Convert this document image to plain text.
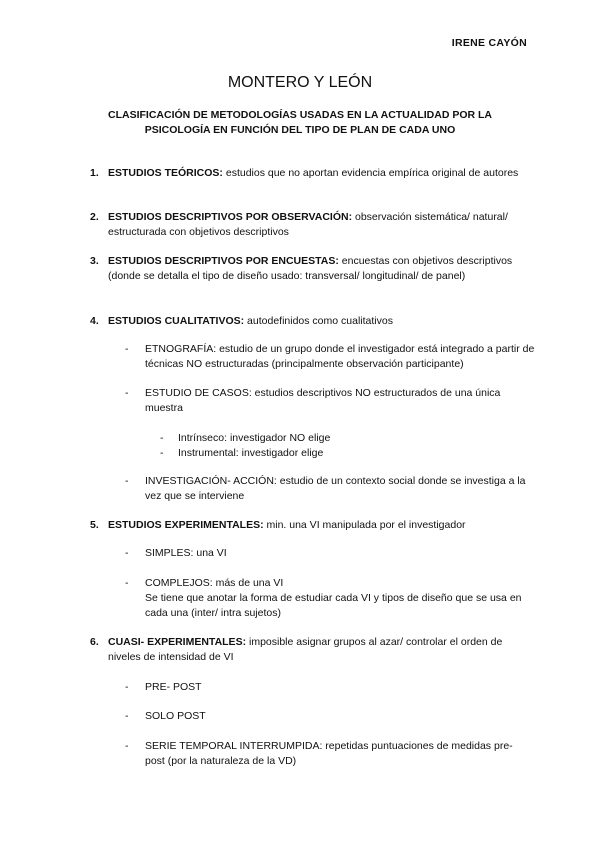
IRENE CAYÓN
MONTERO Y LEÓN
CLASIFICACIÓN DE METODOLOGÍAS USADAS EN LA ACTUALIDAD POR LA PSICOLOGÍA EN FUNCIÓN DEL TIPO DE PLAN DE CADA UNO
1. ESTUDIOS TEÓRICOS: estudios que no aportan evidencia empírica original de autores
2. ESTUDIOS DESCRIPTIVOS POR OBSERVACIÓN: observación sistemática/ natural/ estructurada con objetivos descriptivos
3. ESTUDIOS DESCRIPTIVOS POR ENCUESTAS: encuestas con objetivos descriptivos (donde se detalla el tipo de diseño usado: transversal/ longitudinal/ de panel)
4. ESTUDIOS CUALITATIVOS: autodefinidos como cualitativos
- ETNOGRAFÍA: estudio de un grupo donde el investigador está integrado a partir de técnicas NO estructuradas (principalmente observación participante)
- ESTUDIO DE CASOS: estudios descriptivos NO estructurados de una única muestra
- Intrínseco: investigador NO elige
- Instrumental: investigador elige
- INVESTIGACIÓN- ACCIÓN: estudio de un contexto social donde se investiga a la vez que se interviene
5. ESTUDIOS EXPERIMENTALES: min. una VI manipulada por el investigador
- SIMPLES: una VI
- COMPLEJOS: más de una VI
Se tiene que anotar la forma de estudiar cada VI y tipos de diseño que se usa en cada una (inter/ intra sujetos)
6. CUASI- EXPERIMENTALES: imposible asignar grupos al azar/ controlar el orden de niveles de intensidad de VI
- PRE- POST
- SOLO POST
- SERIE TEMPORAL INTERRUMPIDA: repetidas puntuaciones de medidas pre- post (por la naturaleza de la VD)
